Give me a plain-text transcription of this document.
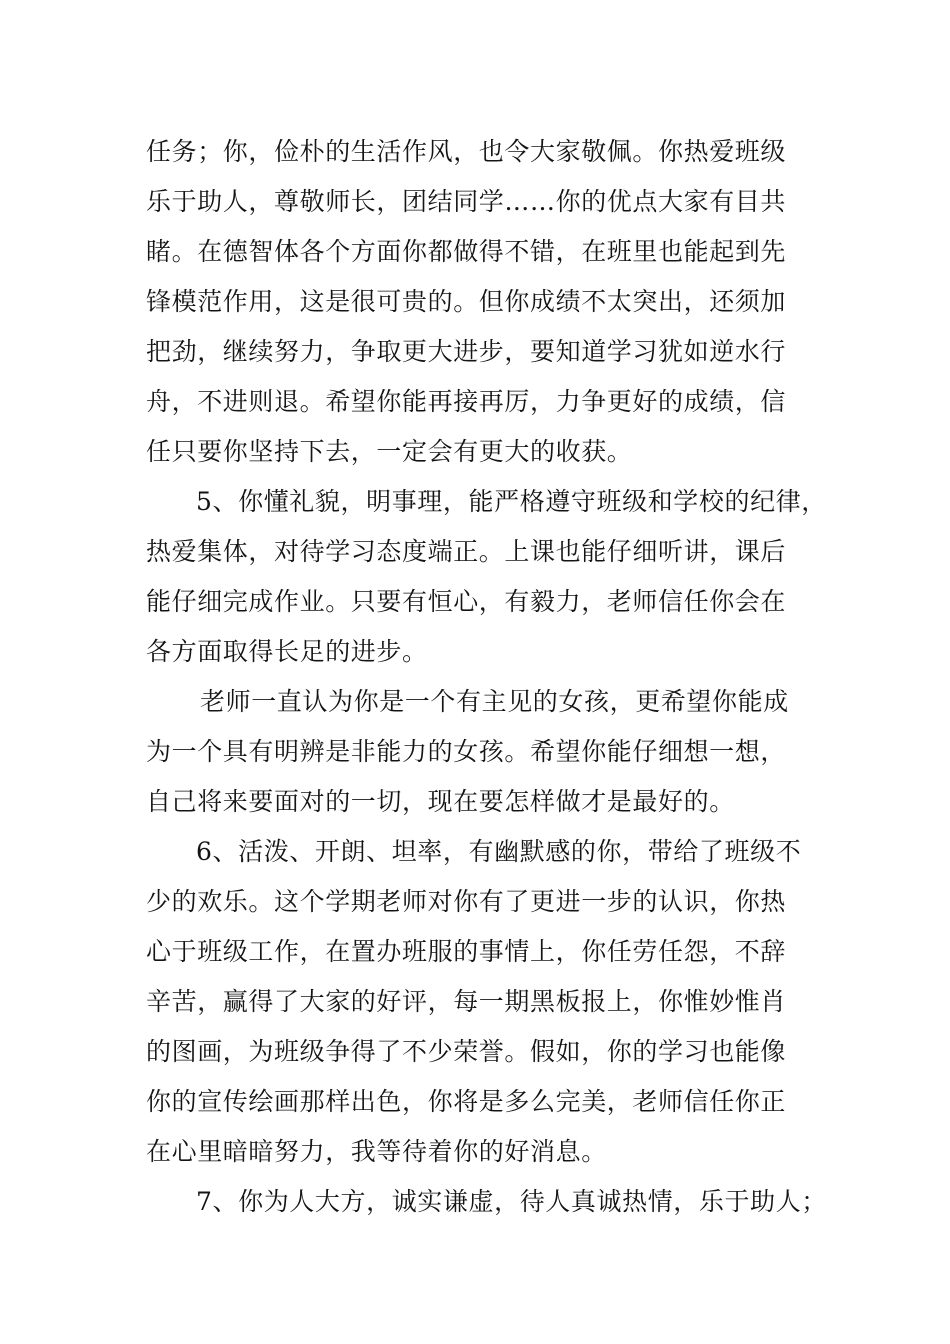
任务；你，俭朴的生活作风，也令大家敬佩。你热爱班级
乐于助人，尊敬师长，团结同学……你的优点大家有目共
睹。在德智体各个方面你都做得不错，在班里也能起到先
锋模范作用，这是很可贵的。但你成绩不太突出，还须加
把劲，继续努力，争取更大进步，要知道学习犹如逆水行
舟，不进则退。希望你能再接再厉，力争更好的成绩，信
任只要你坚持下去，一定会有更大的收获。
5、你懂礼貌，明事理，能严格遵守班级和学校的纪律，
热爱集体，对待学习态度端正。上课也能仔细听讲，课后
能仔细完成作业。只要有恒心，有毅力，老师信任你会在
各方面取得长足的进步。
老师一直认为你是一个有主见的女孩，更希望你能成
为一个具有明辨是非能力的女孩。希望你能仔细想一想，
自己将来要面对的一切，现在要怎样做才是最好的。
6、活泼、开朗、坦率，有幽默感的你，带给了班级不
少的欢乐。这个学期老师对你有了更进一步的认识，你热
心于班级工作，在置办班服的事情上，你任劳任怨，不辞
辛苦，赢得了大家的好评，每一期黑板报上，你惟妙惟肖
的图画，为班级争得了不少荣誉。假如，你的学习也能像
你的宣传绘画那样出色，你将是多么完美，老师信任你正
在心里暗暗努力，我等待着你的好消息。
7、你为人大方，诚实谦虚，待人真诚热情，乐于助人；
